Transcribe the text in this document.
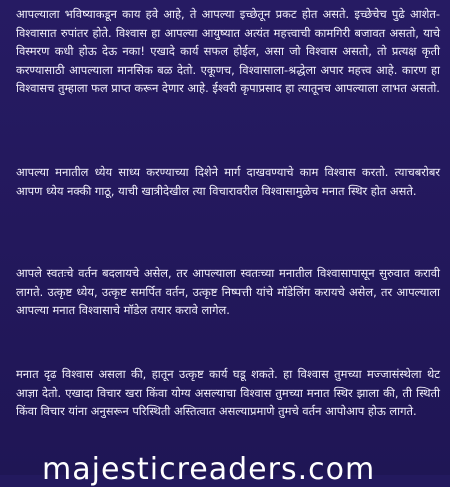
आपल्याला भविष्याकडून काय हवे आहे, ते आपल्या इच्छेतून प्रकट होत असते. इच्छेचेच पुढे आशेत-विश्वासात रुपांतर होते. विश्वास हा आपल्या आयुष्यात अत्यंत महत्त्वाची कामगिरी बजावत असतो, याचे विस्मरण कधी होऊ देऊ नका! एखादे कार्य सफल होईल, असा जो विश्वास असतो, तो प्रत्यक्ष कृती करण्यासाठी आपल्याला मानसिक बळ देतो. एकूणच, विश्वासाला-श्रद्धेला अपार महत्त्व आहे. कारण हा विश्वासच तुम्हाला फल प्राप्त करून देणार आहे. ईश्वरी कृपाप्रसाद हा त्यातूनच आपल्याला लाभत असतो.

आपल्या मनातील ध्येय साध्य करण्याच्या दिशेने मार्ग दाखवण्याचे काम विश्वास करतो. त्याचबरोबर आपण ध्येय नक्की गाठू, याची खात्रीदेखील त्या विचारावरील विश्वासामुळेच मनात स्थिर होत असते.

आपले स्वतःचे वर्तन बदलायचे असेल, तर आपल्याला स्वतःच्या मनातील विश्वासापासून सुरुवात करावी लागते. उत्कृष्ट ध्येय, उत्कृष्ट समर्पित वर्तन, उत्कृष्ट निष्पत्ती यांचे मॉडेलिंग करायचे असेल, तर आपल्याला आपल्या मनात विश्वासाचे मॉडेल तयार करावे लागेल.

मनात दृढ विश्वास असला की, हातून उत्कृष्ट कार्य घडू शकते. हा विश्वास तुमच्या मज्जासंस्थेला थेट आज्ञा देतो. एखादा विचार खरा किंवा योग्य असल्याचा विश्वास तुमच्या मनात स्थिर झाला की, ती स्थिती किंवा विचार यांना अनुसरून परिस्थिती अस्तित्वात असल्याप्रमाणे तुमचे वर्तन आपोआप होऊ लागते.

majesticreaders.com
